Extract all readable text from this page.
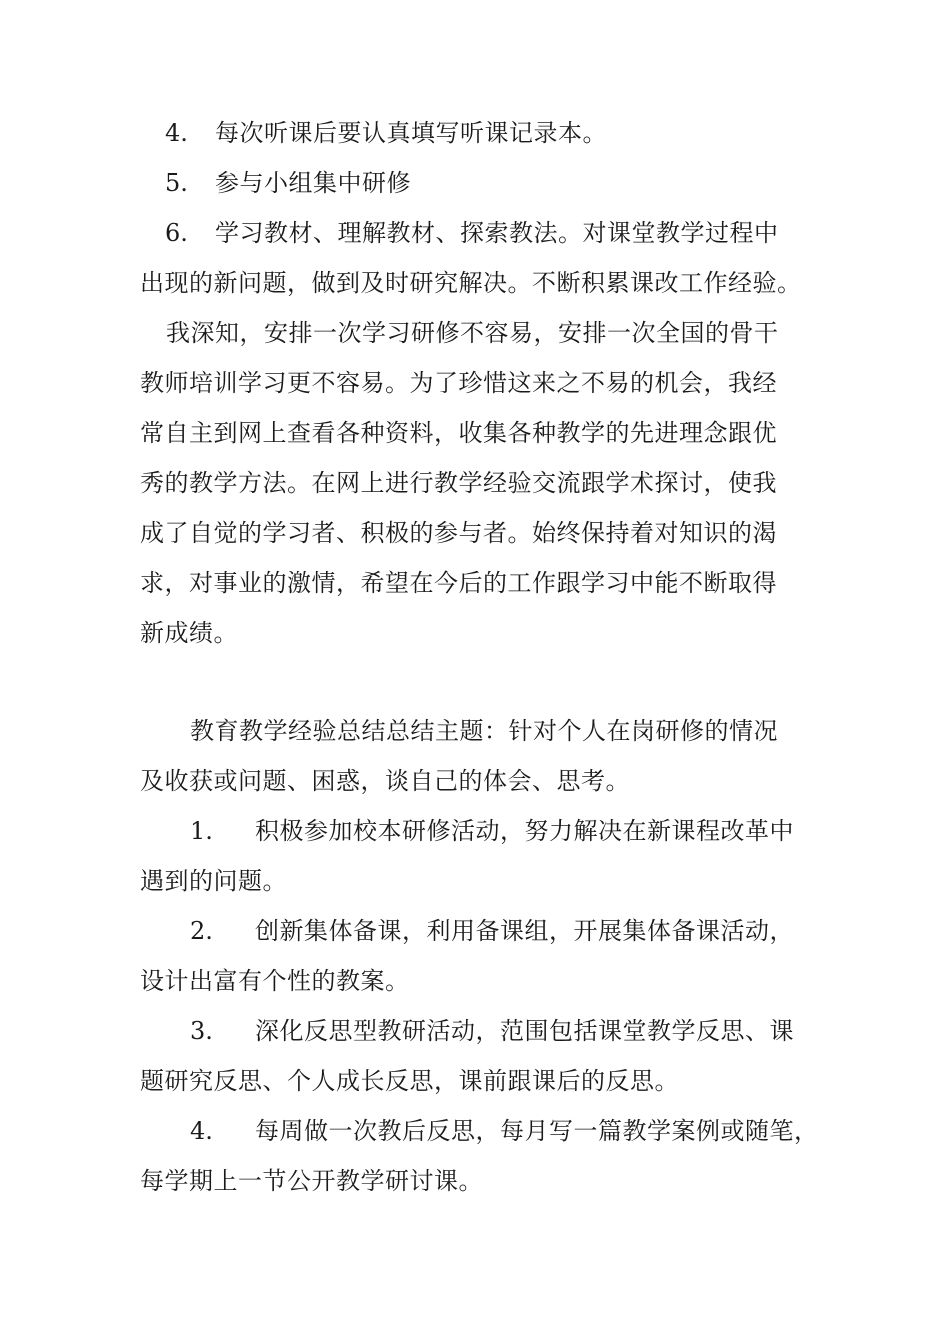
4. 每次听课后要认真填写听课记录本。
5. 参与小组集中研修
6. 学习教材、理解教材、探索教法。对课堂教学过程中
出现的新问题，做到及时研究解决。不断积累课改工作经验。
我深知，安排一次学习研修不容易，安排一次全国的骨干
教师培训学习更不容易。为了珍惜这来之不易的机会，我经
常自主到网上查看各种资料，收集各种教学的先进理念跟优
秀的教学方法。在网上进行教学经验交流跟学术探讨，使我
成了自觉的学习者、积极的参与者。始终保持着对知识的渴
求，对事业的激情，希望在今后的工作跟学习中能不断取得
新成绩。
教育教学经验总结总结主题：针对个人在岗研修的情况
及收获或问题、困惑，谈自己的体会、思考。
1. 积极参加校本研修活动，努力解决在新课程改革中
遇到的问题。
2. 创新集体备课，利用备课组，开展集体备课活动，
设计出富有个性的教案。
3. 深化反思型教研活动，范围包括课堂教学反思、课
题研究反思、个人成长反思，课前跟课后的反思。
4. 每周做一次教后反思，每月写一篇教学案例或随笔，
每学期上一节公开教学研讨课。
